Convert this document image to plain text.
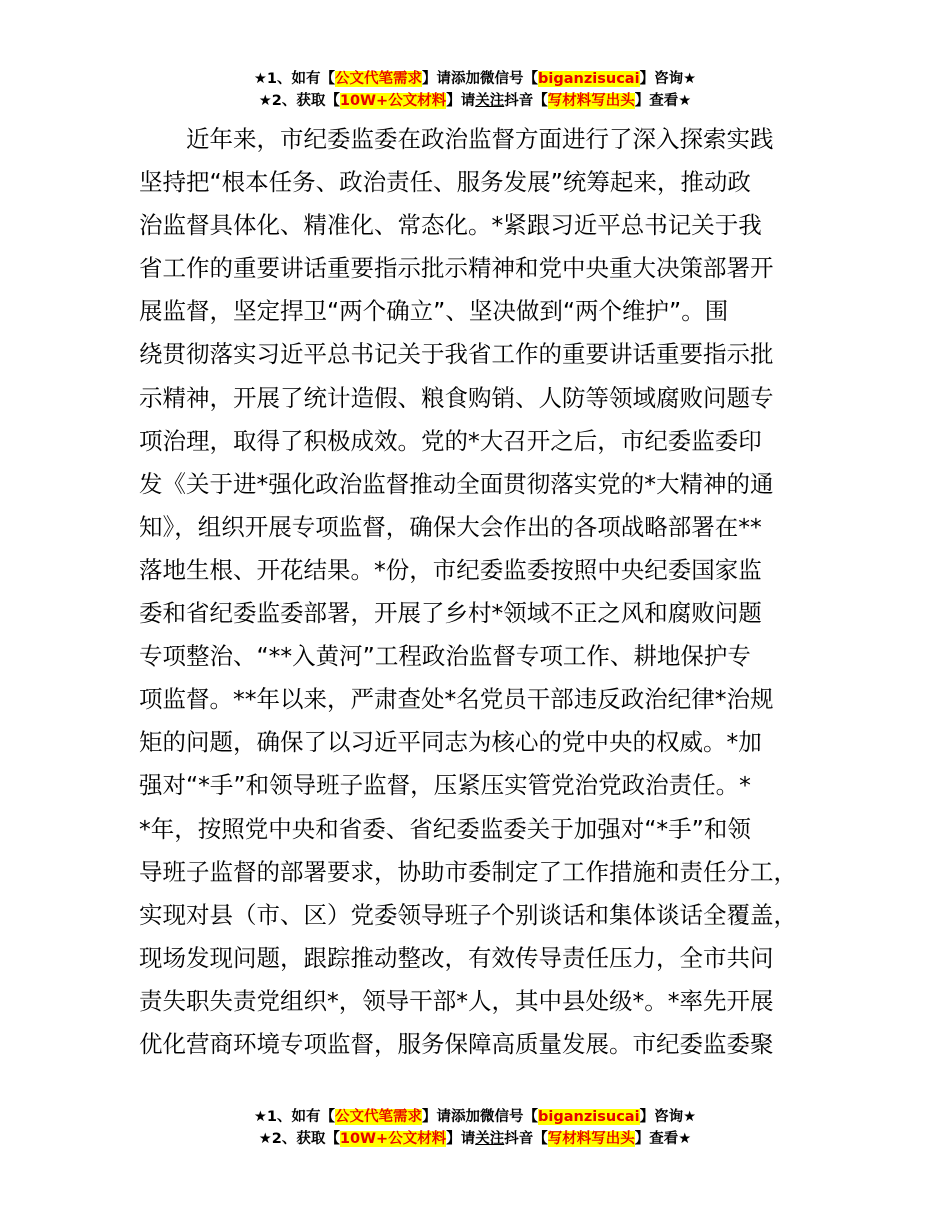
★1、如有【公文代笔需求】请添加微信号【biganzisucai】咨询★
★2、获取【10W+公文材料】请关注抖音【写材料写出头】查看★
　　近年来，市纪委监委在政治监督方面进行了深入探索实践
坚持把“根本任务、政治责任、服务发展”统筹起来，推动政
治监督具体化、精准化、常态化。*紧跟习近平总书记关于我
省工作的重要讲话重要指示批示精神和党中央重大决策部署开
展监督，坚定捍卫“两个确立”、坚决做到“两个维护”。围
绕贯彻落实习近平总书记关于我省工作的重要讲话重要指示批
示精神，开展了统计造假、粮食购销、人防等领域腐败问题专
项治理，取得了积极成效。党的*大召开之后，市纪委监委印
发《关于进*强化政治监督推动全面贯彻落实党的*大精神的通
知》，组织开展专项监督，确保大会作出的各项战略部署在**
落地生根、开花结果。*份，市纪委监委按照中央纪委国家监
委和省纪委监委部署，开展了乡村*领域不正之风和腐败问题
专项整治、“**入黄河”工程政治监督专项工作、耕地保护专
项监督。**年以来，严肃查处*名党员干部违反政治纪律*治规
矩的问题，确保了以习近平同志为核心的党中央的权威。*加
强对“*手”和领导班子监督，压紧压实管党治党政治责任。*
*年，按照党中央和省委、省纪委监委关于加强对“*手”和领
导班子监督的部署要求，协助市委制定了工作措施和责任分工，
实现对县（市、区）党委领导班子个别谈话和集体谈话全覆盖，
现场发现问题，跟踪推动整改，有效传导责任压力，全市共问
责失职失责党组织*，领导干部*人，其中县处级*。*率先开展
优化营商环境专项监督，服务保障高质量发展。市纪委监委聚
★1、如有【公文代笔需求】请添加微信号【biganzisucai】咨询★
★2、获取【10W+公文材料】请关注抖音【写材料写出头】查看★
